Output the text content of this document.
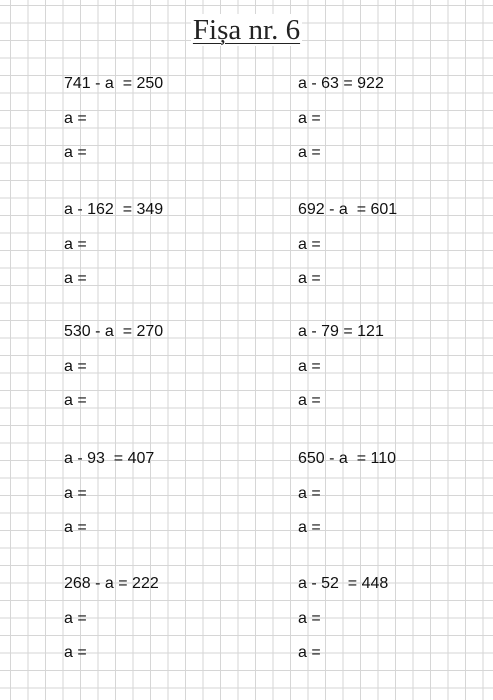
Fișa nr. 6
741 - a  = 250
a =
a =
a - 63 = 922
a =
a =
a - 162  = 349
a =
a =
692 - a  = 601
a =
a =
530 - a  = 270
a =
a =
a - 79 = 121
a =
a =
a - 93  = 407
a =
a =
650 - a  = 110
a =
a =
268 - a = 222
a =
a =
a - 52  = 448
a =
a =
